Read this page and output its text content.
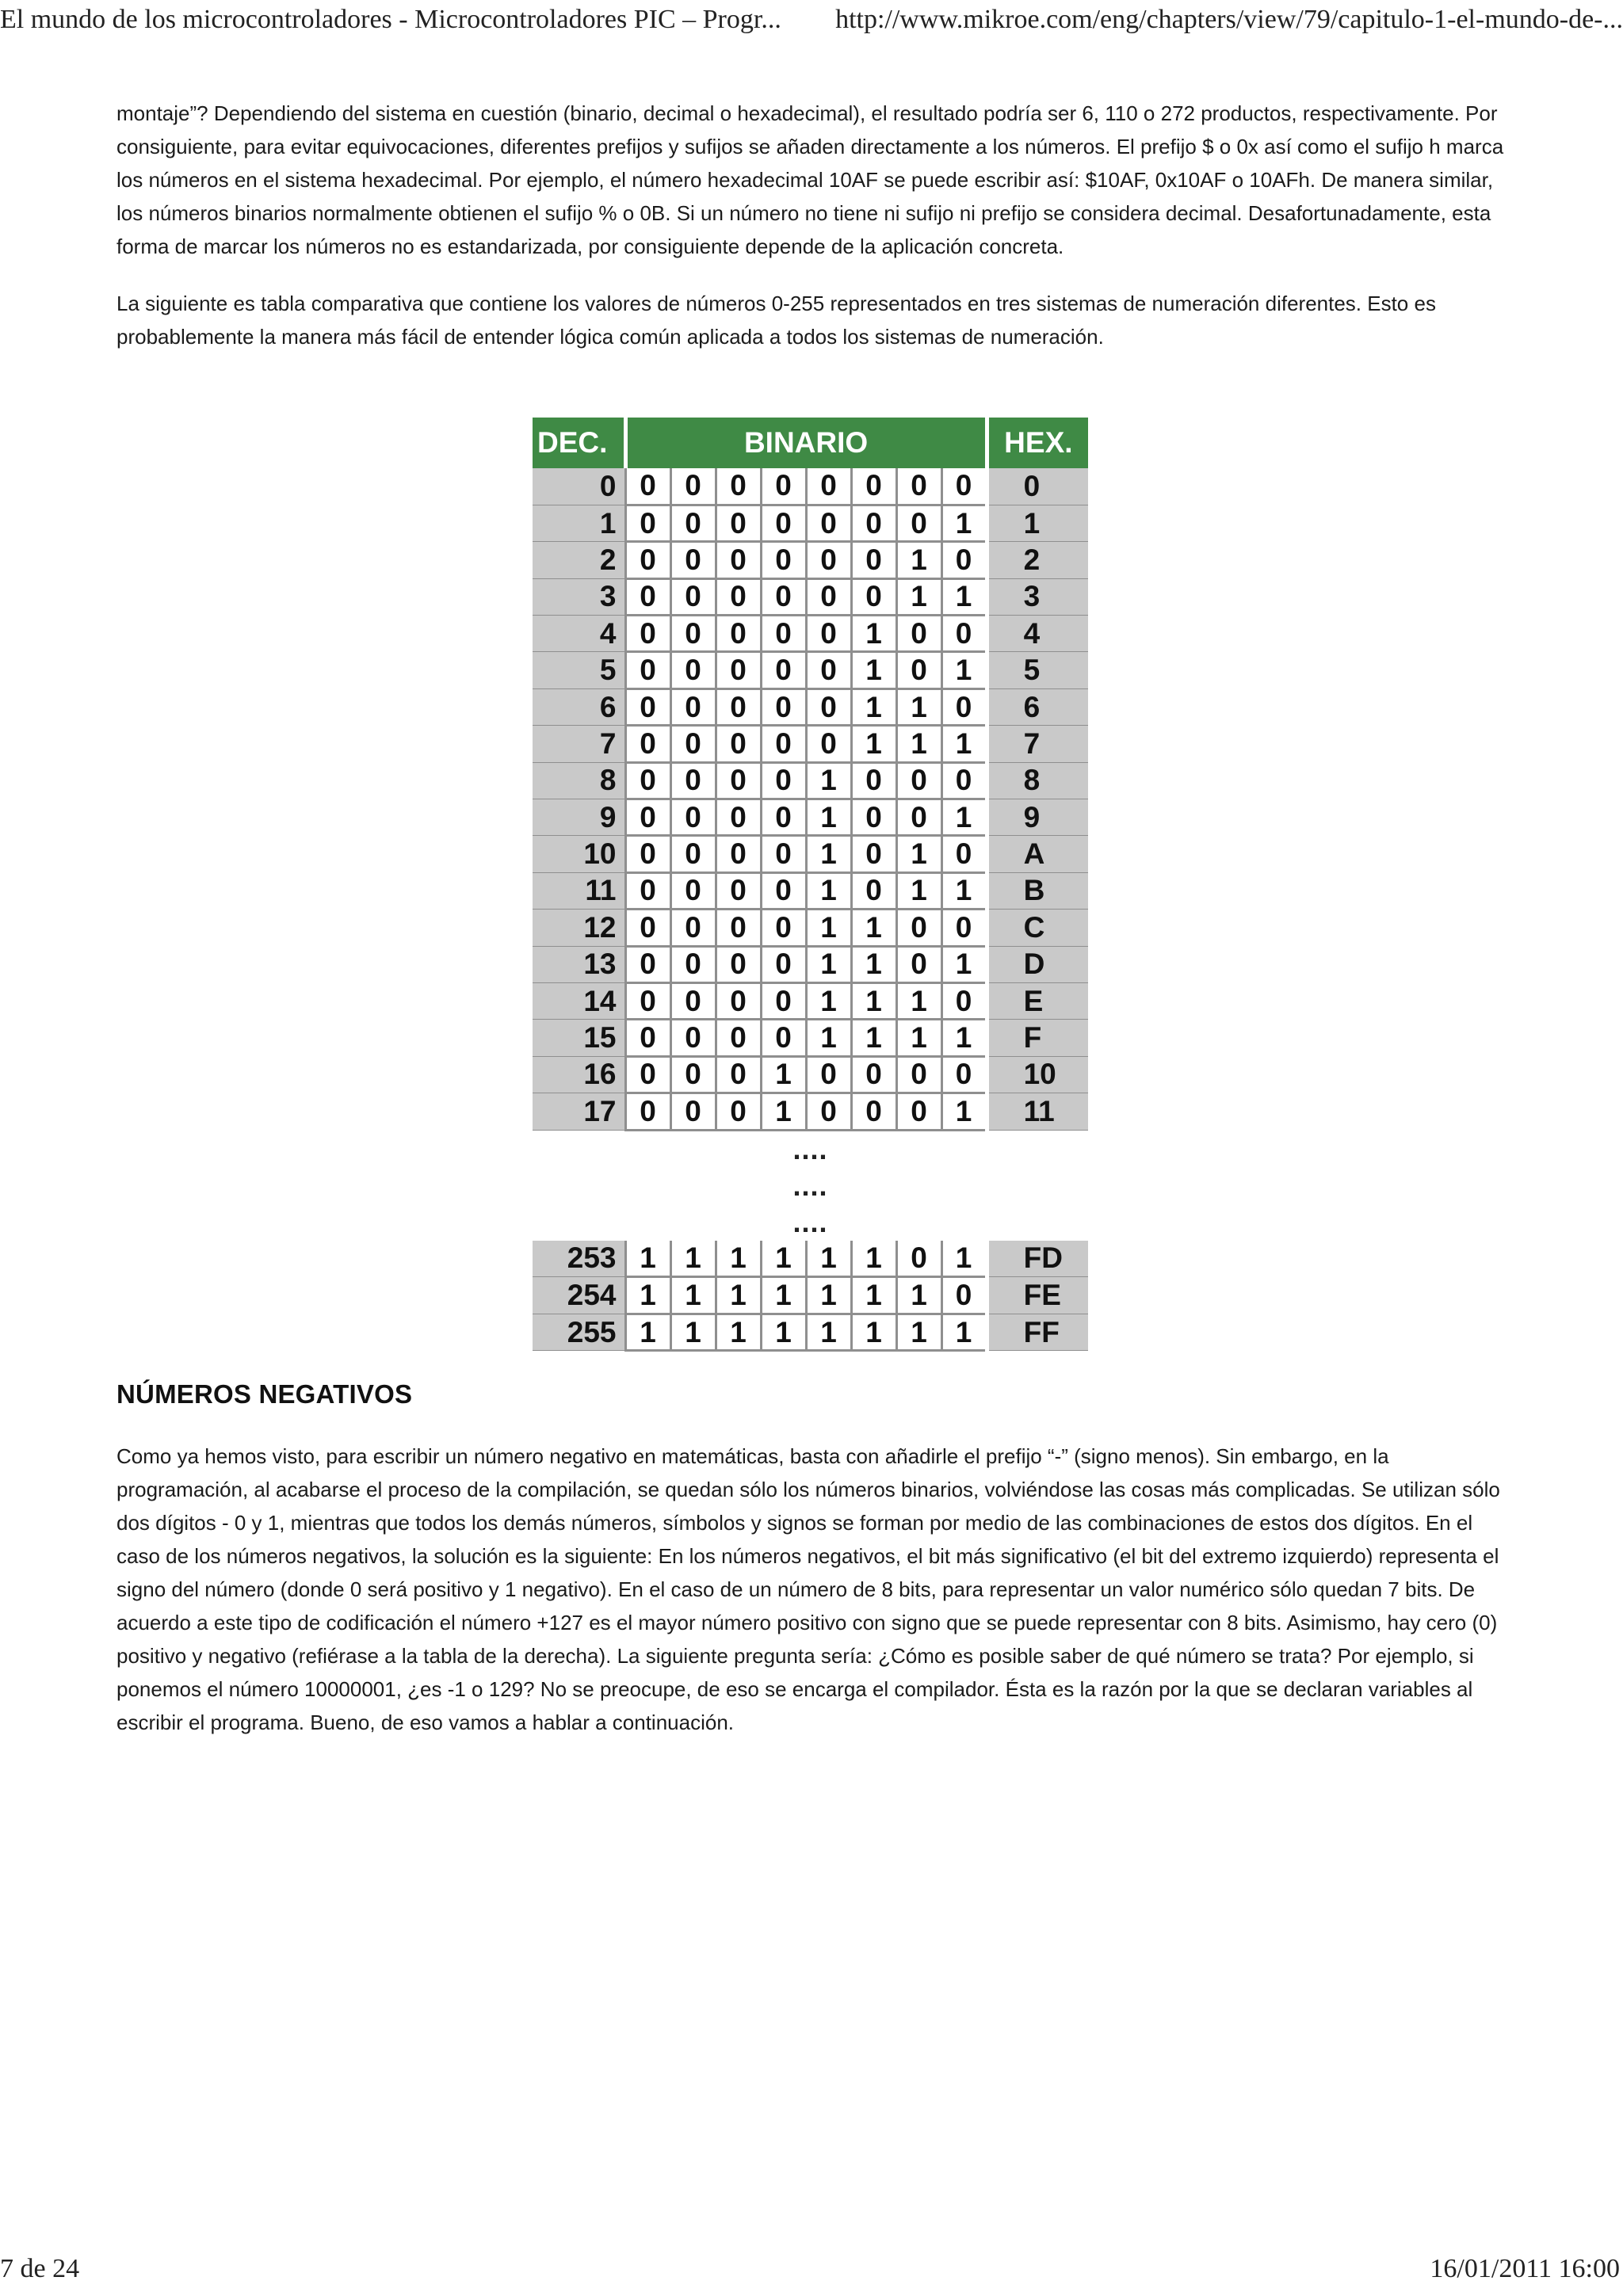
El mundo de los microcontroladores - Microcontroladores PIC – Progr... http://www.mikroe.com/eng/chapters/view/79/capitulo-1-el-mundo-de-...

montaje”? Dependiendo del sistema en cuestión (binario, decimal o hexadecimal), el resultado podría ser 6, 110 o 272 productos, respectivamente. Por consiguiente, para evitar equivocaciones, diferentes prefijos y sufijos se añaden directamente a los números. El prefijo $ o 0x así como el sufijo h marca los números en el sistema hexadecimal. Por ejemplo, el número hexadecimal 10AF se puede escribir así: $10AF, 0x10AF o 10AFh. De manera similar, los números binarios normalmente obtienen el sufijo % o 0B. Si un número no tiene ni sufijo ni prefijo se considera decimal. Desafortunadamente, esta forma de marcar los números no es estandarizada, por consiguiente depende de la aplicación concreta.

La siguiente es tabla comparativa que contiene los valores de números 0-255 representados en tres sistemas de numeración diferentes. Esto es probablemente la manera más fácil de entender lógica común aplicada a todos los sistemas de numeración.

DEC.	BINARIO								HEX.
0	0	0	0	0	0	0	0	0	0
1	0	0	0	0	0	0	0	1	1
2	0	0	0	0	0	0	1	0	2
3	0	0	0	0	0	0	1	1	3
4	0	0	0	0	0	1	0	0	4
5	0	0	0	0	0	1	0	1	5
6	0	0	0	0	0	1	1	0	6
7	0	0	0	0	0	1	1	1	7
8	0	0	0	0	1	0	0	0	8
9	0	0	0	0	1	0	0	1	9
10	0	0	0	0	1	0	1	0	A
11	0	0	0	0	1	0	1	1	B
12	0	0	0	0	1	1	0	0	C
13	0	0	0	0	1	1	0	1	D
14	0	0	0	0	1	1	1	0	E
15	0	0	0	0	1	1	1	1	F
16	0	0	0	1	0	0	0	0	10
17	0	0	0	1	0	0	0	1	11

....
....
....									

253	1	1	1	1	1	1	0	1	FD
254	1	1	1	1	1	1	1	0	FE
255	1	1	1	1	1	1	1	1	FF
NÚMEROS NEGATIVOS

Como ya hemos visto, para escribir un número negativo en matemáticas, basta con añadirle el prefijo “-” (signo menos). Sin embargo, en la programación, al acabarse el proceso de la compilación, se quedan sólo los números binarios, volviéndose las cosas más complicadas. Se utilizan sólo dos dígitos - 0 y 1, mientras que todos los demás números, símbolos y signos se forman por medio de las combinaciones de estos dos dígitos. En el caso de los números negativos, la solución es la siguiente: En los números negativos, el bit más significativo (el bit del extremo izquierdo) representa el signo del número (donde 0 será positivo y 1 negativo). En el caso de un número de 8 bits, para representar un valor numérico sólo quedan 7 bits. De acuerdo a este tipo de codificación el número +127 es el mayor número positivo con signo que se puede representar con 8 bits. Asimismo, hay cero (0) positivo y negativo (refiérase a la tabla de la derecha). La siguiente pregunta sería: ¿Cómo es posible saber de qué número se trata? Por ejemplo, si ponemos el número 10000001, ¿es -1 o 129? No se preocupe, de eso se encarga el compilador. Ésta es la razón por la que se declaran variables al escribir el programa. Bueno, de eso vamos a hablar a continuación.

7 de 24	16/01/2011 16:00
